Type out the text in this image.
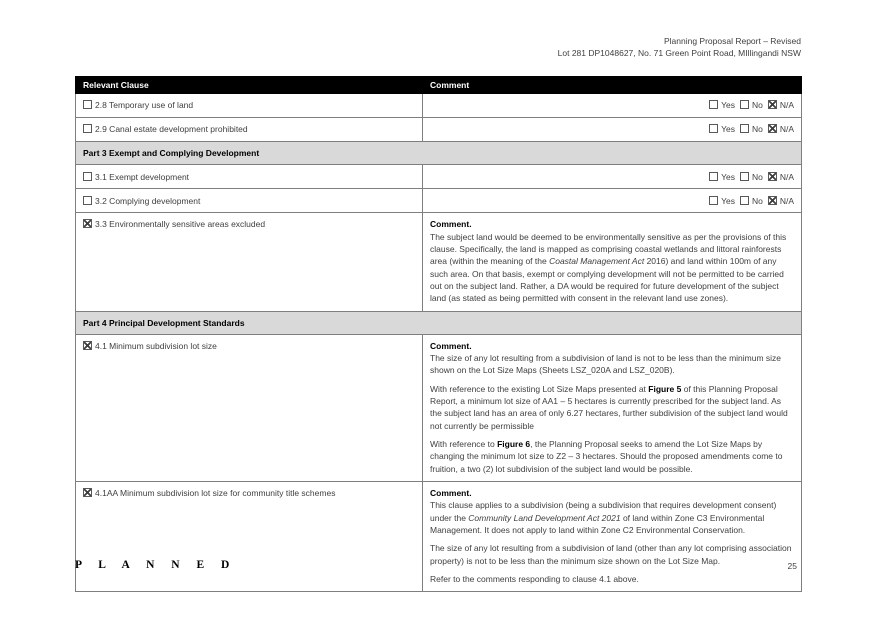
Planning Proposal Report – Revised
Lot 281 DP1048627, No. 71 Green Point Road, MIllingandi NSW
Relevant Clause	Comment
2.8 Temporary use of land	Yes No N/A
2.9 Canal estate development prohibited	Yes No N/A
Part 3 Exempt and Complying Development	
3.1 Exempt development	Yes No N/A
3.2 Complying development	Yes No N/A
3.3 Environmentally sensitive areas excluded	Comment.

The subject land would be deemed to be environmentally sensitive as per the provisions of this clause. Specifically, the land is mapped as comprising coastal wetlands and littoral rainforests area (within the meaning of the Coastal Management Act 2016) and land within 100m of any such area. On that basis, exempt or complying development will not be permitted to be carried out on the subject land. Rather, a DA would be required for future development of the subject land (as stated as being permitted with consent in the relevant land use zones).

Part 4 Principal Development Standards	
4.1 Minimum subdivision lot size	Comment.

The size of any lot resulting from a subdivision of land is not to be less than the minimum size shown on the Lot Size Maps (Sheets LSZ_020A and LSZ_020B).

With reference to the existing Lot Size Maps presented at Figure 5 of this Planning Proposal Report, a minimum lot size of AA1 – 5 hectares is currently prescribed for the subject land. As the subject land has an area of only 6.27 hectares, further subdivision of the subject land would not currently be permissible

With reference to Figure 6, the Planning Proposal seeks to amend the Lot Size Maps by changing the minimum lot size to Z2 – 3 hectares. Should the proposed amendments come to fruition, a two (2) lot subdivision of the subject land would be possible.

4.1AA Minimum subdivision lot size for community title schemes	Comment.

This clause applies to a subdivision (being a subdivision that requires development consent) under the Community Land Development Act 2021 of land within Zone C3 Environmental Management. It does not apply to land within Zone C2 Environmental Conservation.

The size of any lot resulting from a subdivision of land (other than any lot comprising association property) is not to be less than the minimum size shown on the Lot Size Map.

Refer to the comments responding to clause 4.1 above.

P L A N N E D	25
